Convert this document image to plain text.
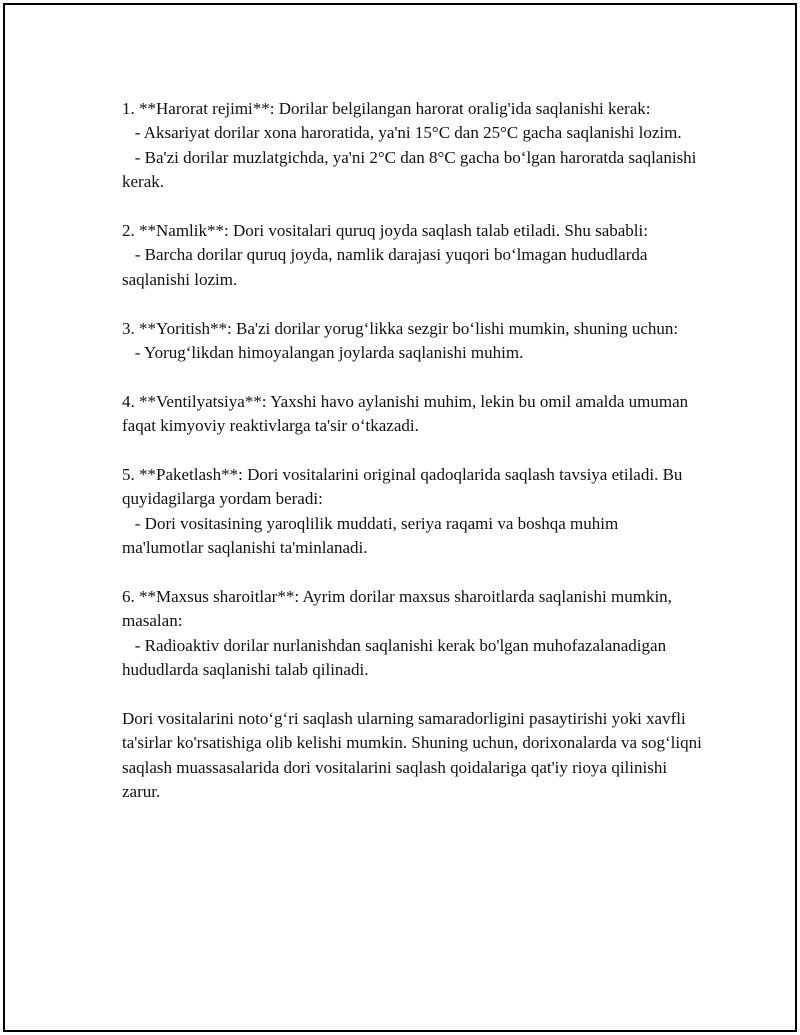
1. **Harorat rejimi**: Dorilar belgilangan harorat oralig'ida saqlanishi kerak:
- Aksariyat dorilar xona haroratida, ya'ni 15°C dan 25°C gacha saqlanishi lozim.
- Ba'zi dorilar muzlatgichda, ya'ni 2°C dan 8°C gacha bo‘lgan haroratda saqlanishi kerak.

2. **Namlik**: Dori vositalari quruq joyda saqlash talab etiladi. Shu sababli:
- Barcha dorilar quruq joyda, namlik darajasi yuqori bo‘lmagan hududlarda saqlanishi lozim.

3. **Yoritish**: Ba'zi dorilar yorug‘likka sezgir bo‘lishi mumkin, shuning uchun:
- Yorug‘likdan himoyalangan joylarda saqlanishi muhim.

4. **Ventilyatsiya**: Yaxshi havo aylanishi muhim, lekin bu omil amalda umuman faqat kimyoviy reaktivlarga ta'sir o‘tkazadi.

5. **Paketlash**: Dori vositalarini original qadoqlarida saqlash tavsiya etiladi. Bu quyidagilarga yordam beradi:
- Dori vositasining yaroqlilik muddati, seriya raqami va boshqa muhim ma'lumotlar saqlanishi ta'minlanadi.

6. **Maxsus sharoitlar**: Ayrim dorilar maxsus sharoitlarda saqlanishi mumkin, masalan:
- Radioaktiv dorilar nurlanishdan saqlanishi kerak bo'lgan muhofazalanadigan hududlarda saqlanishi talab qilinadi.

Dori vositalarini noto‘g‘ri saqlash ularning samaradorligini pasaytirishi yoki xavfli ta'sirlar ko'rsatishiga olib kelishi mumkin. Shuning uchun, dorixonalarda va sog‘liqni saqlash muassasalarida dori vositalarini saqlash qoidalariga qat'iy rioya qilinishi zarur.
